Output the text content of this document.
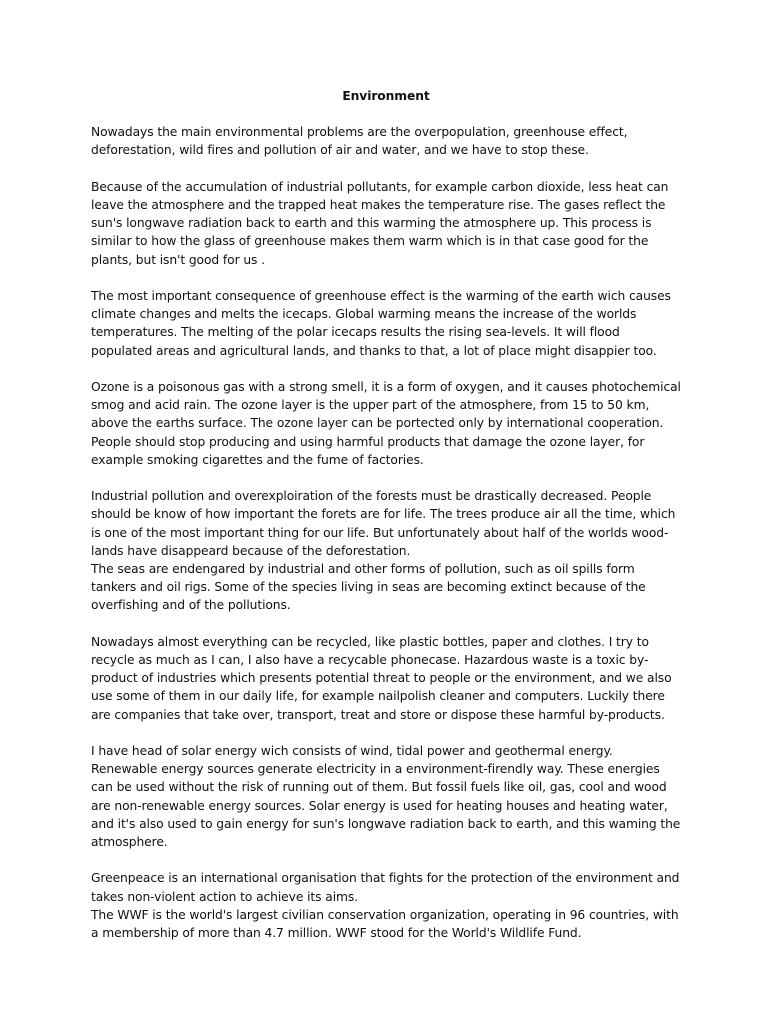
Environment

Nowadays the main environmental problems are the overpopulation, greenhouse effect, deforestation, wild fires and pollution of air and water, and we have to stop these.

Because of the accumulation of industrial pollutants, for example carbon dioxide, less heat can leave the atmosphere and the trapped heat makes the temperature rise. The gases reflect the sun's longwave radiation back to earth and this warming the atmosphere up. This process is similar to how the glass of greenhouse makes them warm which is in that case good for the plants, but isn't good for us .

The most important consequence of greenhouse effect is the warming of the earth wich causes climate changes and melts the icecaps. Global warming means the increase of the worlds temperatures. The melting of the polar icecaps results the rising sea-levels. It will flood populated areas and agricultural lands, and thanks to that, a lot of place might disappier too.

Ozone is a poisonous gas with a strong smell, it is a form of oxygen, and it causes photochemical smog and acid rain. The ozone layer is the upper part of the atmosphere, from 15 to 50 km, above the earths surface. The ozone layer can be portected only by international cooperation. People should stop producing and using harmful products that damage the ozone layer, for example smoking cigarettes and the fume of factories.

Industrial pollution and overexploiration of the forests must be drastically decreased. People should be know of how important the forets are for life. The trees produce air all the time, which is one of the most important thing for our life. But unfortunately about half of the worlds wood-lands have disappeard because of the deforestation.

The seas are endengared by industrial and other forms of pollution, such as oil spills form tankers and oil rigs. Some of the species living in seas are becoming extinct because of the overfishing and of the pollutions.

Nowadays almost everything can be recycled, like plastic bottles, paper and clothes. I try to recycle as much as I can, I also have a recycable phonecase. Hazardous waste is a toxic by-product of industries which presents potential threat to people or the environment, and we also use some of them in our daily life, for example nailpolish cleaner and computers. Luckily there are companies that take over, transport, treat and store or dispose these harmful by-products.

I have head of solar energy wich consists of wind, tidal power and geothermal energy. Renewable energy sources generate electricity in a environment-firendly way. These energies can be used without the risk of running out of them. But fossil fuels like oil, gas, cool and wood are non-renewable energy sources. Solar energy is used for heating houses and heating water, and it's also used to gain energy for sun's longwave radiation back to earth, and this waming the atmosphere.

Greenpeace is an international organisation that fights for the protection of the environment and takes non-violent action to achieve its aims.

The WWF is the world's largest civilian conservation organization, operating in 96 countries, with a membership of more than 4.7 million. WWF stood for the World's Wildlife Fund.
